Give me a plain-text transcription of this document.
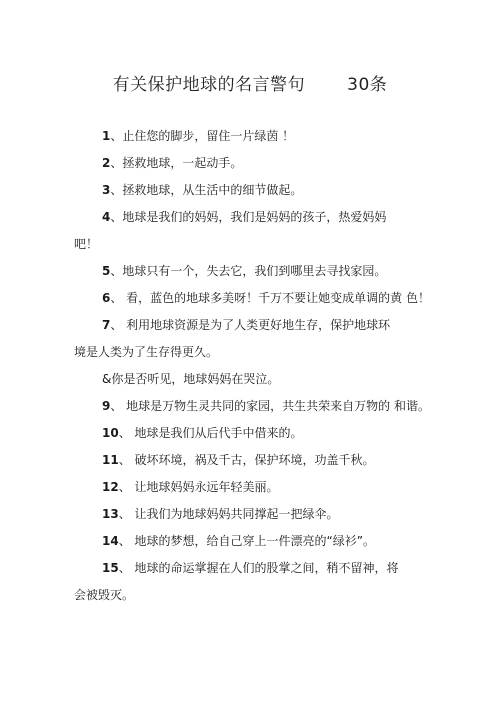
有关保护地球的名言警句 30条
1、止住您的脚步，留住一片绿茵 ！
2、拯救地球，一起动手。
3、拯救地球，从生活中的细节做起。
4、地球是我们的妈妈，我们是妈妈的孩子，热爱妈妈
吧！
5、地球只有一个，失去它，我们到哪里去寻找家园。
6、 看，蓝色的地球多美呀！千万不要让她变成单调的黄 色！
7、 利用地球资源是为了人类更好地生存，保护地球环
境是人类为了生存得更久。
&你是否听见，地球妈妈在哭泣。
9、 地球是万物生灵共同的家园，共生共荣来自万物的 和谐。
10、 地球是我们从后代手中借来的。
11、 破坏环境，祸及千古，保护环境，功盖千秋。
12、 让地球妈妈永远年轻美丽。
13、 让我们为地球妈妈共同撑起一把绿伞。
14、 地球的梦想，给自己穿上一件漂亮的“绿衫”。
15、 地球的命运掌握在人们的股掌之间，稍不留神，将
会被毁灭。
